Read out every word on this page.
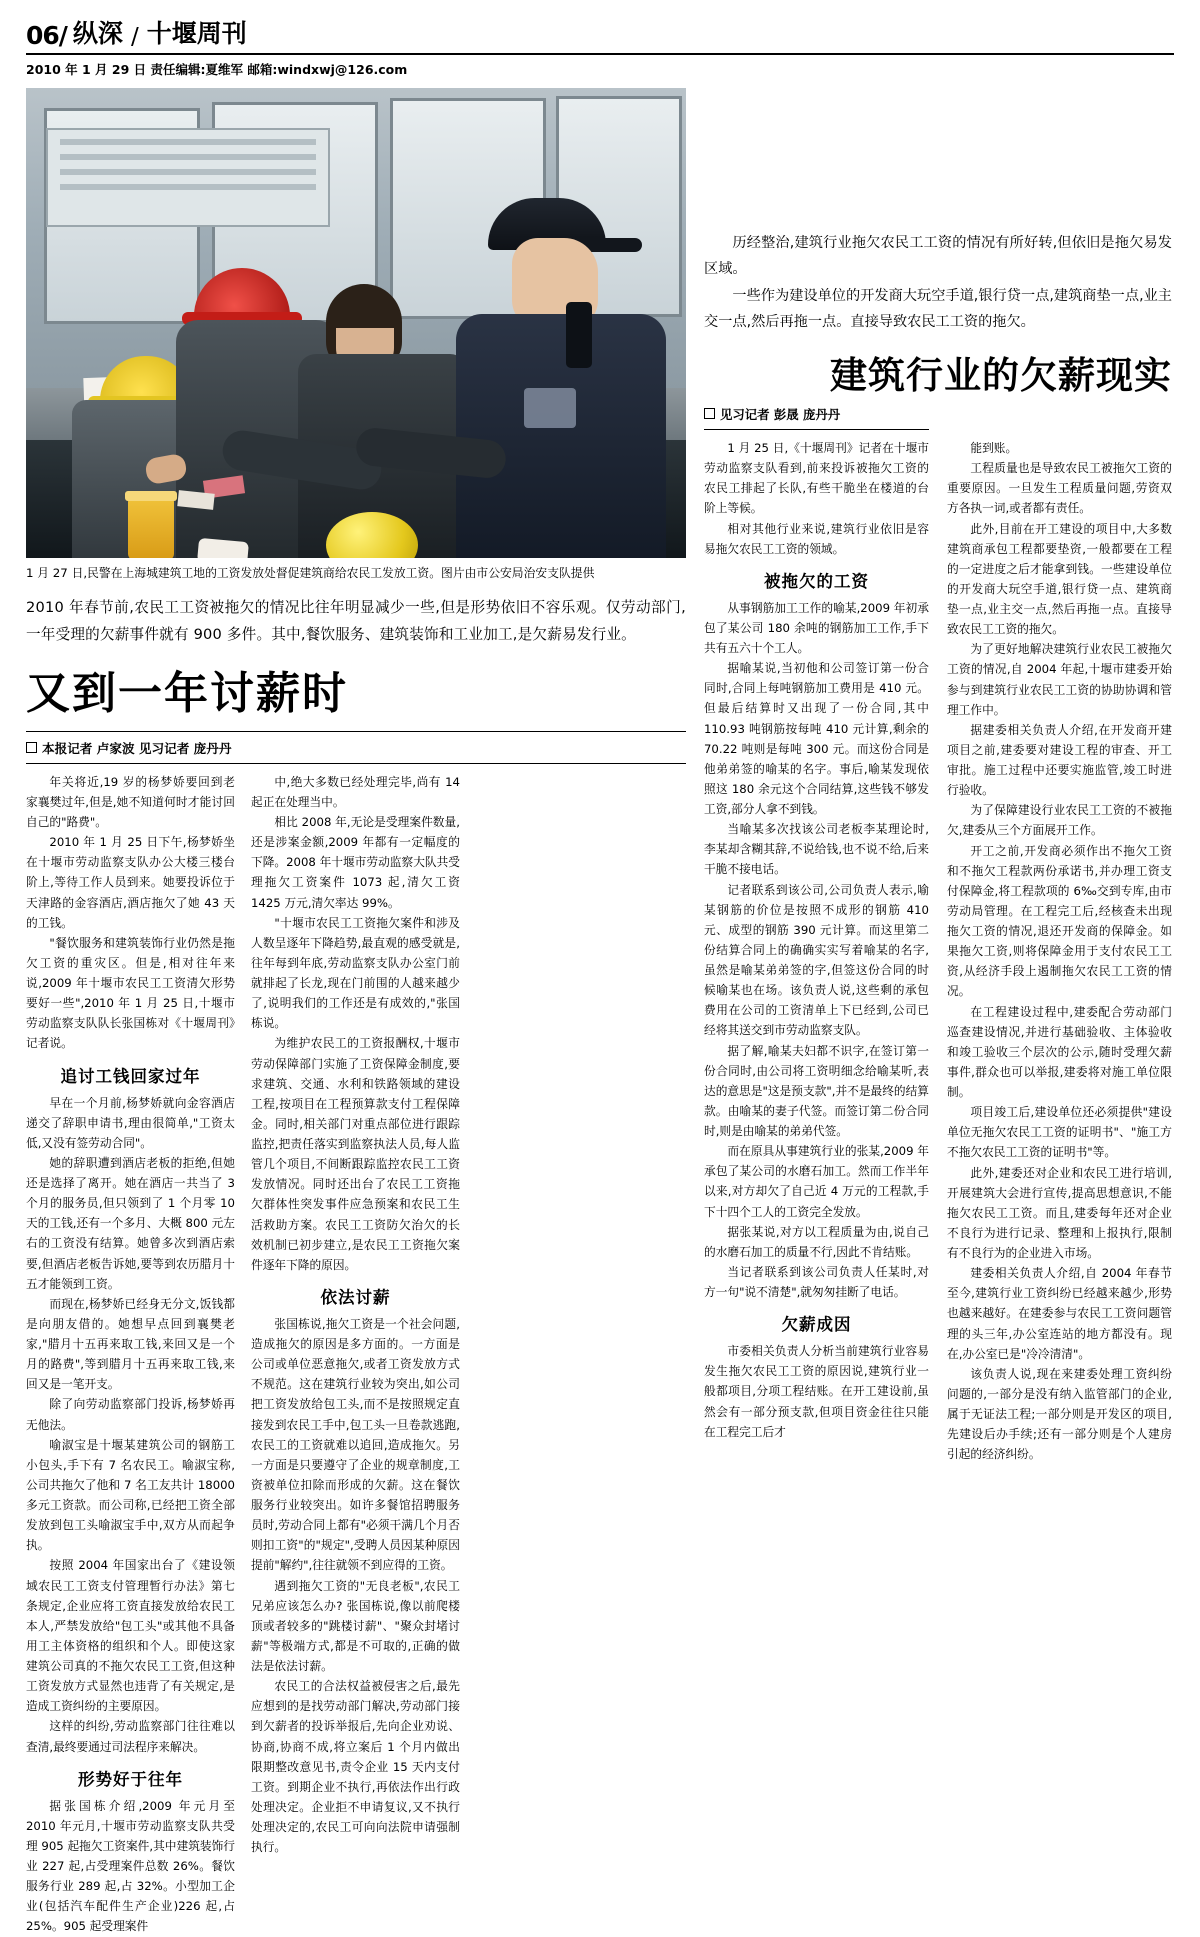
06/ 纵深 / 十堰周刊
2010 年 1 月 29 日 责任编辑:夏维军 邮箱:windxwj@126.com
1 月 27 日,民警在上海城建筑工地的工资发放处督促建筑商给农民工发放工资。图片由市公安局治安支队提供
2010 年春节前,农民工工资被拖欠的情况比往年明显减少一些,但是形势依旧不容乐观。仅劳动部门,一年受理的欠薪事件就有 900 多件。其中,餐饮服务、建筑装饰和工业加工,是欠薪易发行业。
又到一年讨薪时
本报记者 卢家波 见习记者 庞丹丹

年关将近,19 岁的杨梦娇要回到老家襄樊过年,但是,她不知道何时才能讨回自己的"路费"。

2010 年 1 月 25 日下午,杨梦娇坐在十堰市劳动监察支队办公大楼三楼台阶上,等待工作人员到来。她要投诉位于天津路的金容酒店,酒店拖欠了她 43 天的工钱。

"餐饮服务和建筑装饰行业仍然是拖欠工资的重灾区。但是,相对往年来说,2009 年十堰市农民工工资清欠形势要好一些",2010 年 1 月 25 日,十堰市劳动监察支队队长张国栋对《十堰周刊》记者说。

追讨工钱回家过年

早在一个月前,杨梦娇就向金容酒店递交了辞职申请书,理由很简单,"工资太低,又没有签劳动合同"。

她的辞职遭到酒店老板的拒绝,但她还是选择了离开。她在酒店一共当了 3 个月的服务员,但只领到了 1 个月零 10 天的工钱,还有一个多月、大概 800 元左右的工资没有结算。她曾多次到酒店索要,但酒店老板告诉她,要等到农历腊月十五才能领到工资。

而现在,杨梦娇已经身无分文,饭钱都是向朋友借的。她想早点回到襄樊老家,"腊月十五再来取工钱,来回又是一个月的路费",等到腊月十五再来取工钱,来回又是一笔开支。

除了向劳动监察部门投诉,杨梦娇再无他法。

喻淑宝是十堰某建筑公司的钢筋工小包头,手下有 7 名农民工。喻淑宝称,公司共拖欠了他和 7 名工友共计 18000 多元工资款。而公司称,已经把工资全部发放到包工头喻淑宝手中,双方从而起争执。

按照 2004 年国家出台了《建设领域农民工工资支付管理暂行办法》第七条规定,企业应将工资直接发放给农民工本人,严禁发放给"包工头"或其他不具备用工主体资格的组织和个人。即使这家建筑公司真的不拖欠农民工工资,但这种工资发放方式显然也违背了有关规定,是造成工资纠纷的主要原因。

这样的纠纷,劳动监察部门往往难以查清,最终要通过司法程序来解决。

形势好于往年

据张国栋介绍,2009 年元月至 2010 年元月,十堰市劳动监察支队共受理 905 起拖欠工资案件,其中建筑装饰行业 227 起,占受理案件总数 26%。餐饮服务行业 289 起,占 32%。小型加工企业(包括汽车配件生产企业)226 起,占 25%。905 起受理案件

中,绝大多数已经处理完毕,尚有 14 起正在处理当中。

相比 2008 年,无论是受理案件数量,还是涉案金额,2009 年都有一定幅度的下降。2008 年十堰市劳动监察大队共受理拖欠工资案件 1073 起,清欠工资 1425 万元,清欠率达 99%。

"十堰市农民工工资拖欠案件和涉及人数呈逐年下降趋势,最直观的感受就是,往年每到年底,劳动监察支队办公室门前就排起了长龙,现在门前围的人越来越少了,说明我们的工作还是有成效的,"张国栋说。

为维护农民工的工资报酬权,十堰市劳动保障部门实施了工资保障金制度,要求建筑、交通、水利和铁路领域的建设工程,按项目在工程预算款支付工程保障金。同时,相关部门对重点部位进行跟踪监控,把责任落实到监察执法人员,每人监管几个项目,不间断跟踪监控农民工工资发放情况。同时还出台了农民工工资拖欠群体性突发事件应急预案和农民工生活救助方案。农民工工资防欠治欠的长效机制已初步建立,是农民工工资拖欠案件逐年下降的原因。

依法讨薪

张国栋说,拖欠工资是一个社会问题,造成拖欠的原因是多方面的。一方面是公司或单位恶意拖欠,或者工资发放方式不规范。这在建筑行业较为突出,如公司把工资发放给包工头,而不是按照规定直接发到农民工手中,包工头一旦卷款逃跑,农民工的工资就难以追回,造成拖欠。另一方面是只要遵守了企业的规章制度,工资被单位扣除而形成的欠薪。这在餐饮服务行业较突出。如许多餐馆招聘服务员时,劳动合同上都有"必须干满几个月否则扣工资"的"规定",受聘人员因某种原因提前"解约",往往就领不到应得的工资。

遇到拖欠工资的"无良老板",农民工兄弟应该怎么办? 张国栋说,像以前爬楼顶或者较多的"跳楼讨薪"、"聚众封堵讨薪"等极端方式,都是不可取的,正确的做法是依法讨薪。

农民工的合法权益被侵害之后,最先应想到的是找劳动部门解决,劳动部门接到欠薪者的投诉举报后,先向企业劝说、协商,协商不成,将立案后 1 个月内做出限期整改意见书,责令企业 15 天内支付工资。到期企业不执行,再依法作出行政处理决定。企业拒不申请复议,又不执行处理决定的,农民工可向向法院申请强制执行。

历经整治,建筑行业拖欠农民工工资的情况有所好转,但依旧是拖欠易发区域。

一些作为建设单位的开发商大玩空手道,银行贷一点,建筑商垫一点,业主交一点,然后再拖一点。直接导致农民工工资的拖欠。

建筑行业的欠薪现实
见习记者 彭晟 庞丹丹

1 月 25 日,《十堰周刊》记者在十堰市劳动监察支队看到,前来投诉被拖欠工资的农民工排起了长队,有些干脆坐在楼道的台阶上等候。

相对其他行业来说,建筑行业依旧是容易拖欠农民工工资的领域。

被拖欠的工资

从事钢筋加工工作的喻某,2009 年初承包了某公司 180 余吨的钢筋加工工作,手下共有五六十个工人。

据喻某说,当初他和公司签订第一份合同时,合同上每吨钢筋加工费用是 410 元。但最后结算时又出现了一份合同,其中 110.93 吨钢筋按每吨 410 元计算,剩余的 70.22 吨则是每吨 300 元。而这份合同是他弟弟签的喻某的名字。事后,喻某发现依照这 180 余元这个合同结算,这些钱不够发工资,部分人拿不到钱。

当喻某多次找该公司老板李某理论时,李某却含糊其辞,不说给钱,也不说不给,后来干脆不接电话。

记者联系到该公司,公司负责人表示,喻某钢筋的价位是按照不成形的钢筋 410 元、成型的钢筋 390 元计算。而这里第二份结算合同上的确确实实写着喻某的名字,虽然是喻某弟弟签的字,但签这份合同的时候喻某也在场。该负责人说,这些剩的承包费用在公司的工资清单上下已经到,公司已经将其送交到市劳动监察支队。

据了解,喻某夫妇都不识字,在签订第一份合同时,由公司将工资明细念给喻某听,表达的意思是"这是预支款",并不是最终的结算款。由喻某的妻子代签。而签订第二份合同时,则是由喻某的弟弟代签。

而在原具从事建筑行业的张某,2009 年承包了某公司的水磨石加工。然而工作半年以来,对方却欠了自己近 4 万元的工程款,手下十四个工人的工资完全发放。

据张某说,对方以工程质量为由,说自己的水磨石加工的质量不行,因此不肯结账。

当记者联系到该公司负责人任某时,对方一句"说不清楚",就匆匆挂断了电话。

欠薪成因

市委相关负责人分析当前建筑行业容易发生拖欠农民工工资的原因说,建筑行业一般都项目,分项工程结账。在开工建设前,虽然会有一部分预支款,但项目资金往往只能在工程完工后才

能到账。

工程质量也是导致农民工被拖欠工资的重要原因。一旦发生工程质量问题,劳资双方各执一词,或者都有责任。

此外,目前在开工建设的项目中,大多数建筑商承包工程都要垫资,一般都要在工程的一定进度之后才能拿到钱。一些建设单位的开发商大玩空手道,银行贷一点、建筑商垫一点,业主交一点,然后再拖一点。直接导致农民工工资的拖欠。

为了更好地解决建筑行业农民工被拖欠工资的情况,自 2004 年起,十堰市建委开始参与到建筑行业农民工工资的协助协调和管理工作中。

据建委相关负责人介绍,在开发商开建项目之前,建委要对建设工程的审查、开工审批。施工过程中还要实施监管,竣工时进行验收。

为了保障建设行业农民工工资的不被拖欠,建委从三个方面展开工作。

开工之前,开发商必须作出不拖欠工资和不拖欠工程款两份承诺书,并办理工资支付保障金,将工程款项的 6‰交到专库,由市劳动局管理。在工程完工后,经核查未出现拖欠工资的情况,退还开发商的保障金。如果拖欠工资,则将保障金用于支付农民工工资,从经济手段上遏制拖欠农民工工资的情况。

在工程建设过程中,建委配合劳动部门巡查建设情况,并进行基础验收、主体验收和竣工验收三个层次的公示,随时受理欠薪事件,群众也可以举报,建委将对施工单位限制。

项目竣工后,建设单位还必须提供"建设单位无拖欠农民工工资的证明书"、"施工方不拖欠农民工工资的证明书"等。

此外,建委还对企业和农民工进行培训,开展建筑大会进行宣传,提高思想意识,不能拖欠农民工工资。而且,建委每年还对企业不良行为进行记录、整理和上报执行,限制有不良行为的企业进入市场。

建委相关负责人介绍,自 2004 年春节至今,建筑行业工资纠纷已经越来越少,形势也越来越好。在建委参与农民工工资问题管理的头三年,办公室连站的地方都没有。现在,办公室已是"冷冷清清"。

该负责人说,现在来建委处理工资纠纷问题的,一部分是没有纳入监管部门的企业,属于无证法工程;一部分则是开发区的项目,先建设后办手续;还有一部分则是个人建房引起的经济纠纷。
